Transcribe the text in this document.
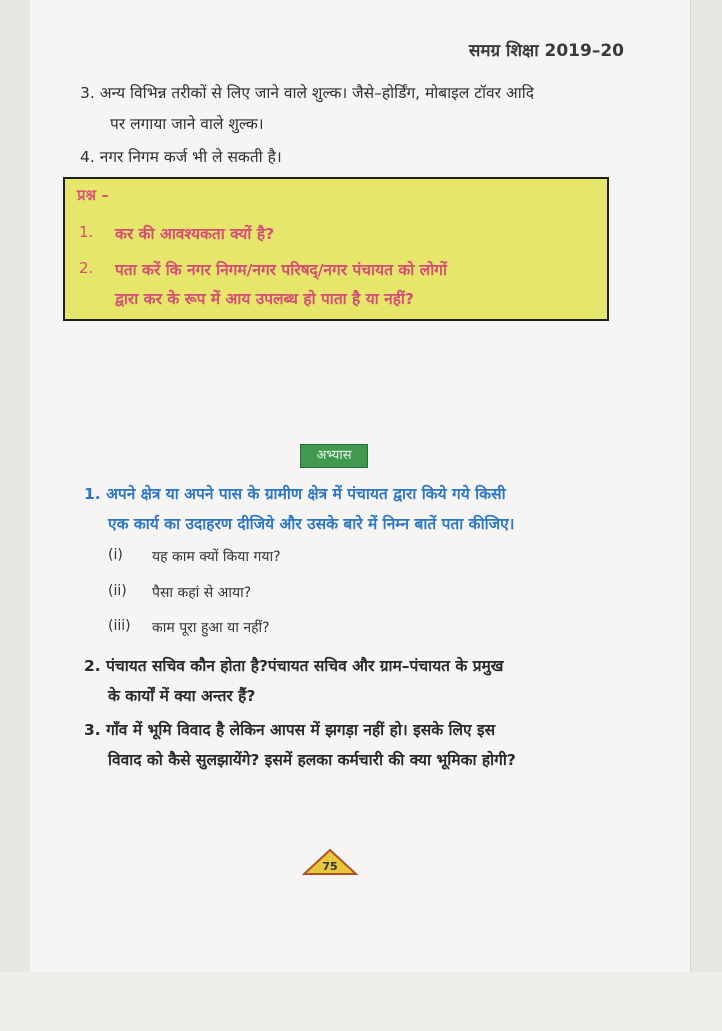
समग्र शिक्षा 2019–20
3. अन्य विभिन्न तरीकों से लिए जाने वाले शुल्क। जैसे–होर्डिंग, मोबाइल टॉवर आदि
पर लगाया जाने वाले शुल्क।
4. नगर निगम कर्ज भी ले सकती है।
प्रश्न –
1. कर की आवश्यकता क्यों है?
2. पता करें कि नगर निगम/नगर परिषद्/नगर पंचायत को लोगों
द्वारा कर के रूप में आय उपलब्ध हो पाता है या नहीं?
अभ्यास
1. अपने क्षेत्र या अपने पास के ग्रामीण क्षेत्र में पंचायत द्वारा किये गये किसी
एक कार्य का उदाहरण दीजिये और उसके बारे में निम्न बातें पता कीजिए।
(i) यह काम क्यों किया गया?
(ii) पैसा कहां से आया?
(iii) काम पूरा हुआ या नहीं?
2. पंचायत सचिव कौन होता है?पंचायत सचिव और ग्राम–पंचायत के प्रमुख
के कार्यों में क्या अन्तर हैं?
3. गाँव में भूमि विवाद है लेकिन आपस में झगड़ा नहीं हो। इसके लिए इस
विवाद को कैसे सुलझायेंगे? इसमें हलका कर्मचारी की क्या भूमिका होगी?
75
